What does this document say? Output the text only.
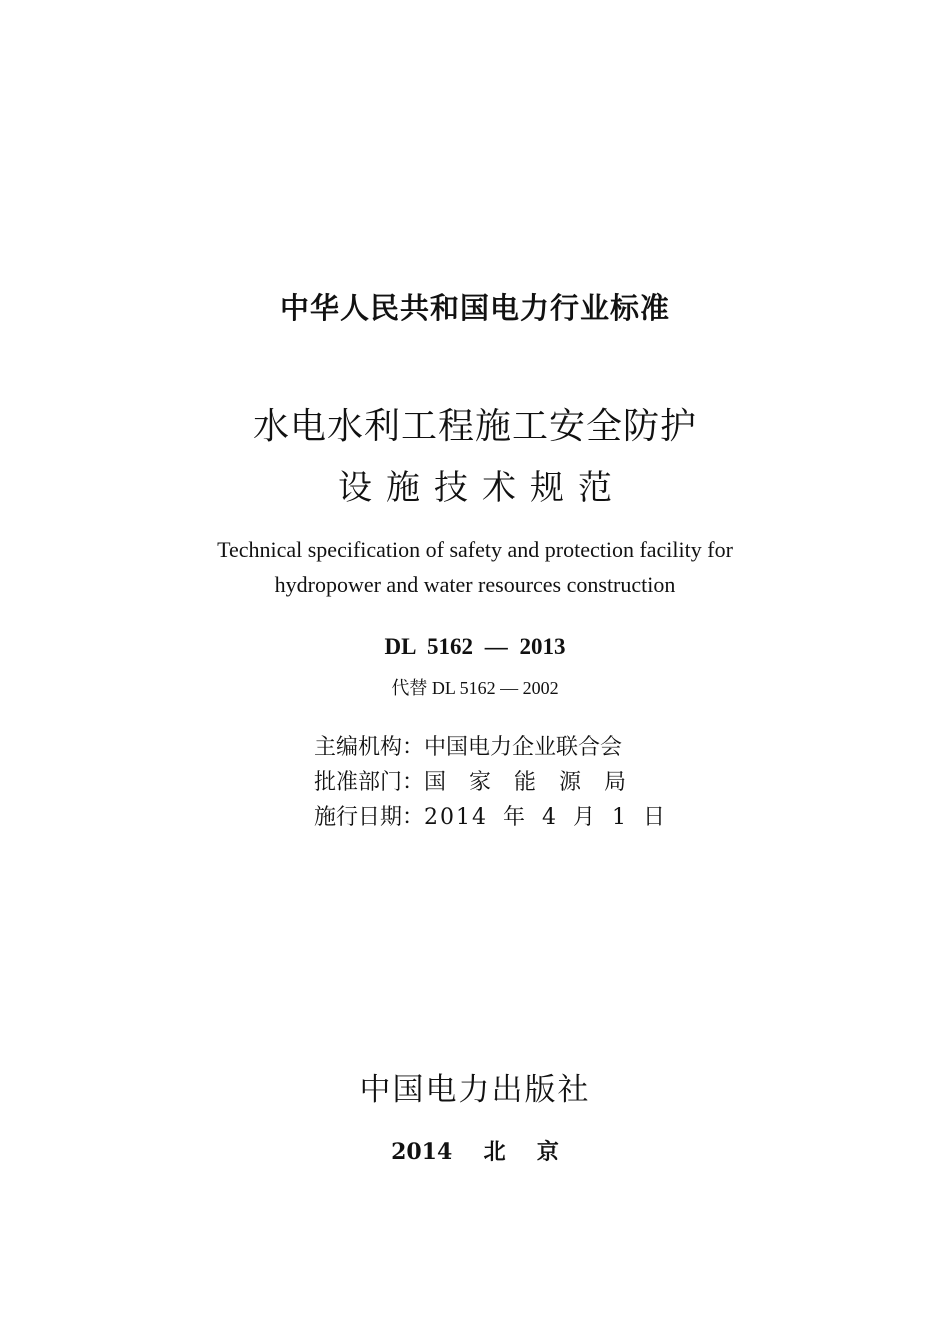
中华人民共和国电力行业标准
水电水利工程施工安全防护
设施技术规范
Technical specification of safety and protection facility for
hydropower and water resources construction
DL 5162 — 2013
代替 DL 5162 — 2002
主编机构：中国电力企业联合会
批准部门：国 家 能 源 局
施行日期：2014 年 4 月 1 日
中国电力出版社
2014  北  京
